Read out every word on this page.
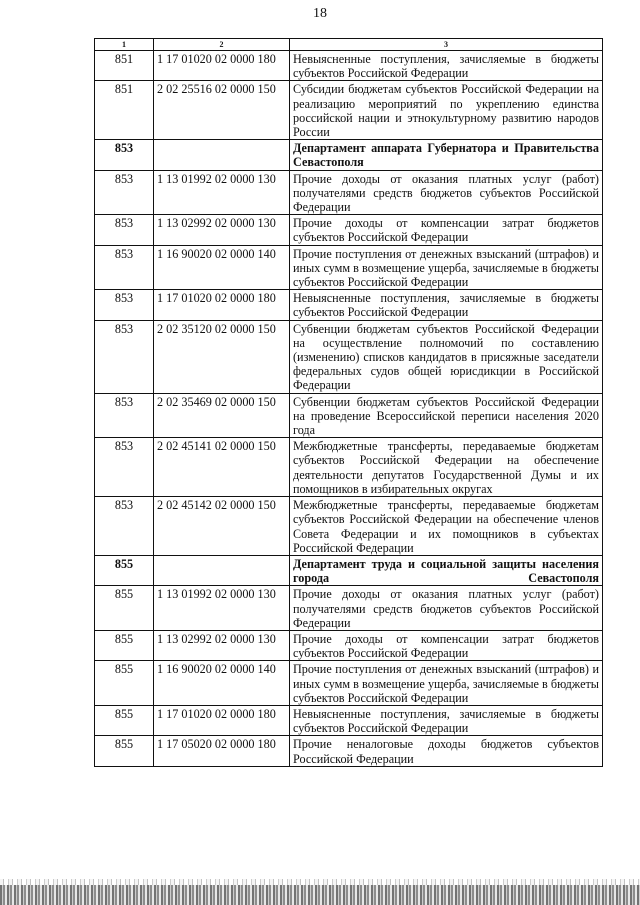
18
1	2	3
851	1 17 01020 02 0000 180	Невыясненные поступления, зачисляемые в бюджеты субъектов Российской Федерации
851	2 02 25516 02 0000 150	Субсидии бюджетам субъектов Российской Федерации на реализацию мероприятий по укреплению единства российской нации и этнокультурному развитию народов России
853		Департамент аппарата Губернатора и Правительства Севастополя
853	1 13 01992 02 0000 130	Прочие доходы от оказания платных услуг (работ) получателями средств бюджетов субъектов Российской Федерации
853	1 13 02992 02 0000 130	Прочие доходы от компенсации затрат бюджетов субъектов Российской Федерации
853	1 16 90020 02 0000 140	Прочие поступления от денежных взысканий (штрафов) и иных сумм в возмещение ущерба, зачисляемые в бюджеты субъектов Российской Федерации
853	1 17 01020 02 0000 180	Невыясненные поступления, зачисляемые в бюджеты субъектов Российской Федерации
853	2 02 35120 02 0000 150	Субвенции бюджетам субъектов Российской Федерации на осуществление полномочий по составлению (изменению) списков кандидатов в присяжные заседатели федеральных судов общей юрисдикции в Российской Федерации
853	2 02 35469 02 0000 150	Субвенции бюджетам субъектов Российской Федерации на проведение Всероссийской переписи населения 2020 года
853	2 02 45141 02 0000 150	Межбюджетные трансферты, передаваемые бюджетам субъектов Российской Федерации на обеспечение деятельности депутатов Государственной Думы и их помощников в избирательных округах
853	2 02 45142 02 0000 150	Межбюджетные трансферты, передаваемые бюджетам субъектов Российской Федерации на обеспечение членов Совета Федерации и их помощников в субъектах Российской Федерации
855		Департамент труда и социальной защиты населения города Севастополя
855	1 13 01992 02 0000 130	Прочие доходы от оказания платных услуг (работ) получателями средств бюджетов субъектов Российской Федерации
855	1 13 02992 02 0000 130	Прочие доходы от компенсации затрат бюджетов субъектов Российской Федерации
855	1 16 90020 02 0000 140	Прочие поступления от денежных взысканий (штрафов) и иных сумм в возмещение ущерба, зачисляемые в бюджеты субъектов Российской Федерации
855	1 17 01020 02 0000 180	Невыясненные поступления, зачисляемые в бюджеты субъектов Российской Федерации
855	1 17 05020 02 0000 180	Прочие неналоговые доходы бюджетов субъектов Российской Федерации
